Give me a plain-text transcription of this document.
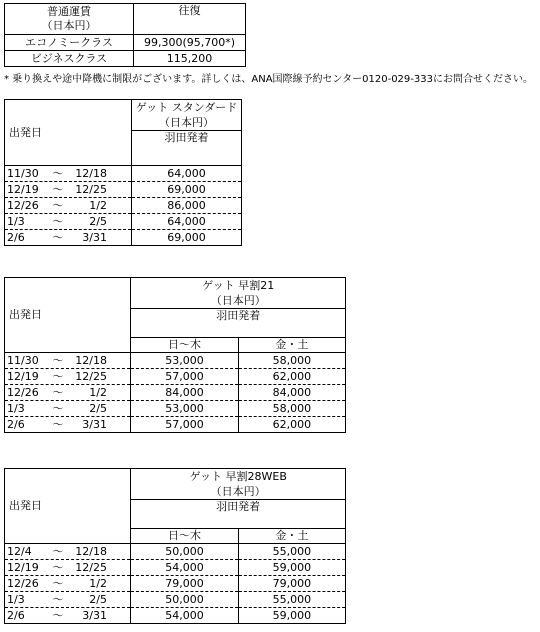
普通運賃
（日本円）	往復
エコノミークラス	99,300(95,700*)
ビジネスクラス	115,200
* 乗り換えや途中降機に制限がございます。詳しくは、ANA国際線予約センター0120-029-333にお問合せください。
出発日	ゲット スタンダード
	（日本円）
	羽田発着
11/30 ～ 12/18	64,000
12/19 ～ 12/25	69,000
12/26 ～ 1/2	86,000
1/3 ～ 2/5	64,000
2/6 ～ 3/31	69,000
出発日	ゲット 早割21	
	（日本円）	
	羽田発着	
	日～木	金・土
11/30 ～ 12/18	53,000	58,000
12/19 ～ 12/25	57,000	62,000
12/26 ～ 1/2	84,000	84,000
1/3 ～ 2/5	53,000	58,000
2/6 ～ 3/31	57,000	62,000
出発日	ゲット 早割28WEB	
	（日本円）	
	羽田発着	
	日～木	金・土
12/4 ～ 12/18	50,000	55,000
12/19 ～ 12/25	54,000	59,000
12/26 ～ 1/2	79,000	79,000
1/3 ～ 2/5	50,000	55,000
2/6 ～ 3/31	54,000	59,000
